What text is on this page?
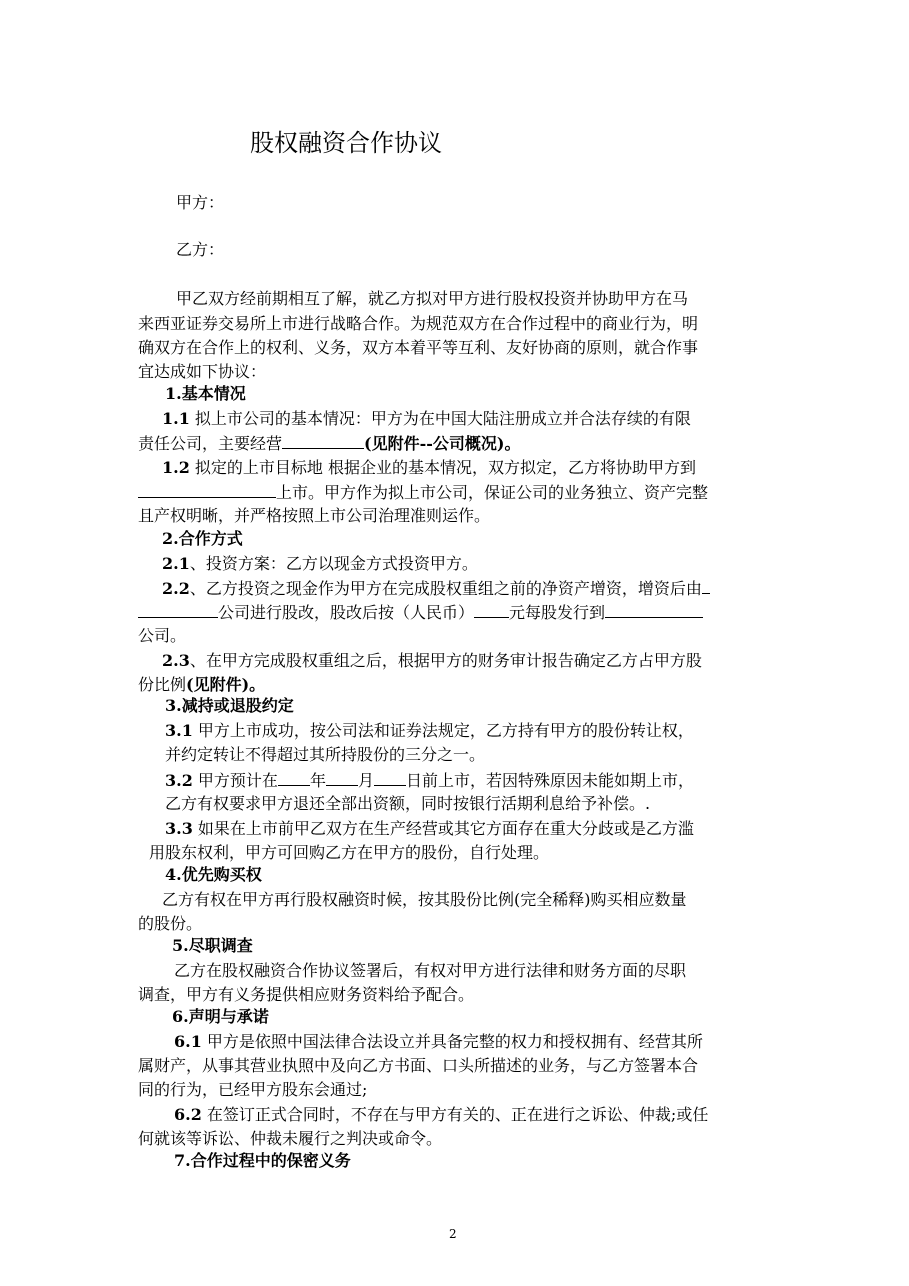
股权融资合作协议
甲方：
乙方：
甲乙双方经前期相互了解，就乙方拟对甲方进行股权投资并协助甲方在马
来西亚证券交易所上市进行战略合作。为规范双方在合作过程中的商业行为，明
确双方在合作上的权利、义务，双方本着平等互利、友好协商的原则，就合作事
宜达成如下协议：
1.基本情况
1.1 拟上市公司的基本情况：甲方为在中国大陆注册成立并合法存续的有限
责任公司，主要经营	(见附件--公司概况)。
1.2 拟定的上市目标地 根据企业的基本情况，双方拟定，乙方将协助甲方到
上市。甲方作为拟上市公司，保证公司的业务独立、资产完整
且产权明晰，并严格按照上市公司治理准则运作。
2.合作方式
2.1、投资方案：乙方以现金方式投资甲方。
2.2、乙方投资之现金作为甲方在完成股权重组之前的净资产增资，增资后由
公司进行股改，股改后按（人民币） 元每股发行到
公司。
2.3、在甲方完成股权重组之后，根据甲方的财务审计报告确定乙方占甲方股
份比例(见附件)。
3.减持或退股约定
3.1 甲方上市成功，按公司法和证券法规定，乙方持有甲方的股份转让权，
并约定转让不得超过其所持股份的三分之一。
3.2 甲方预计在 年 月 日前上市，若因特殊原因未能如期上市，
乙方有权要求甲方退还全部出资额，同时按银行活期利息给予补偿。.
3.3 如果在上市前甲乙双方在生产经营或其它方面存在重大分歧或是乙方滥
用股东权利，甲方可回购乙方在甲方的股份，自行处理。
4.优先购买权
乙方有权在甲方再行股权融资时候，按其股份比例(完全稀释)购买相应数量
的股份。
5.尽职调查
乙方在股权融资合作协议签署后，有权对甲方进行法律和财务方面的尽职
调查，甲方有义务提供相应财务资料给予配合。
6.声明与承诺
6.1 甲方是依照中国法律合法设立并具备完整的权力和授权拥有、经营其所
属财产，从事其营业执照中及向乙方书面、口头所描述的业务，与乙方签署本合
同的行为，已经甲方股东会通过;
6.2 在签订正式合同时，不存在与甲方有关的、正在进行之诉讼、仲裁;或任
何就该等诉讼、仲裁未履行之判决或命令。
7.合作过程中的保密义务
2
